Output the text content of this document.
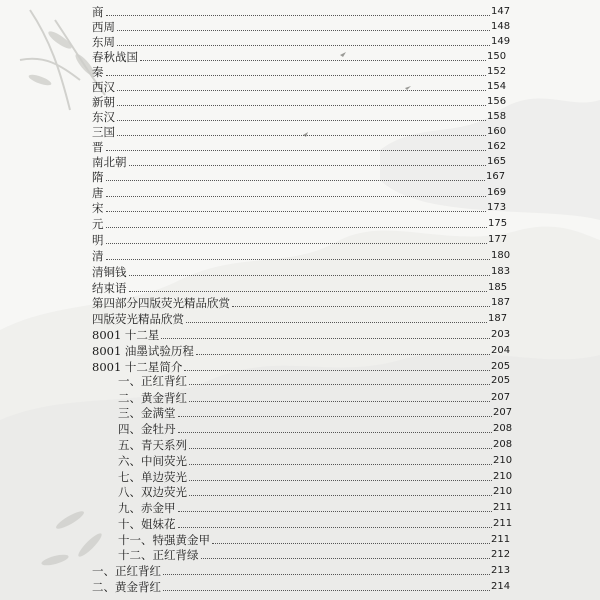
商	147
西周	148
东周	149
春秋战国	150
秦	152
西汉	154
新朝	156
东汉	158
三国	160
晋	162
南北朝	165
隋	167
唐	169
宋	173
元	175
明	177
清	180
清铜钱	183
结束语	185
第四部分四版荧光精品欣赏	187
四版荧光精品欣赏	187
8001 十二星	203
8001 油墨试验历程	204
8001 十二星简介	205
一、正红背红	205
二、黄金背红	207
三、金满堂	207
四、金牡丹	208
五、青天系列	208
六、中间荧光	210
七、单边荧光	210
八、双边荧光	210
九、赤金甲	211
十、姐妹花	211
十一、特强黄金甲	211
十二、正红背绿	212
一、正红背红	213
二、黄金背红	214
